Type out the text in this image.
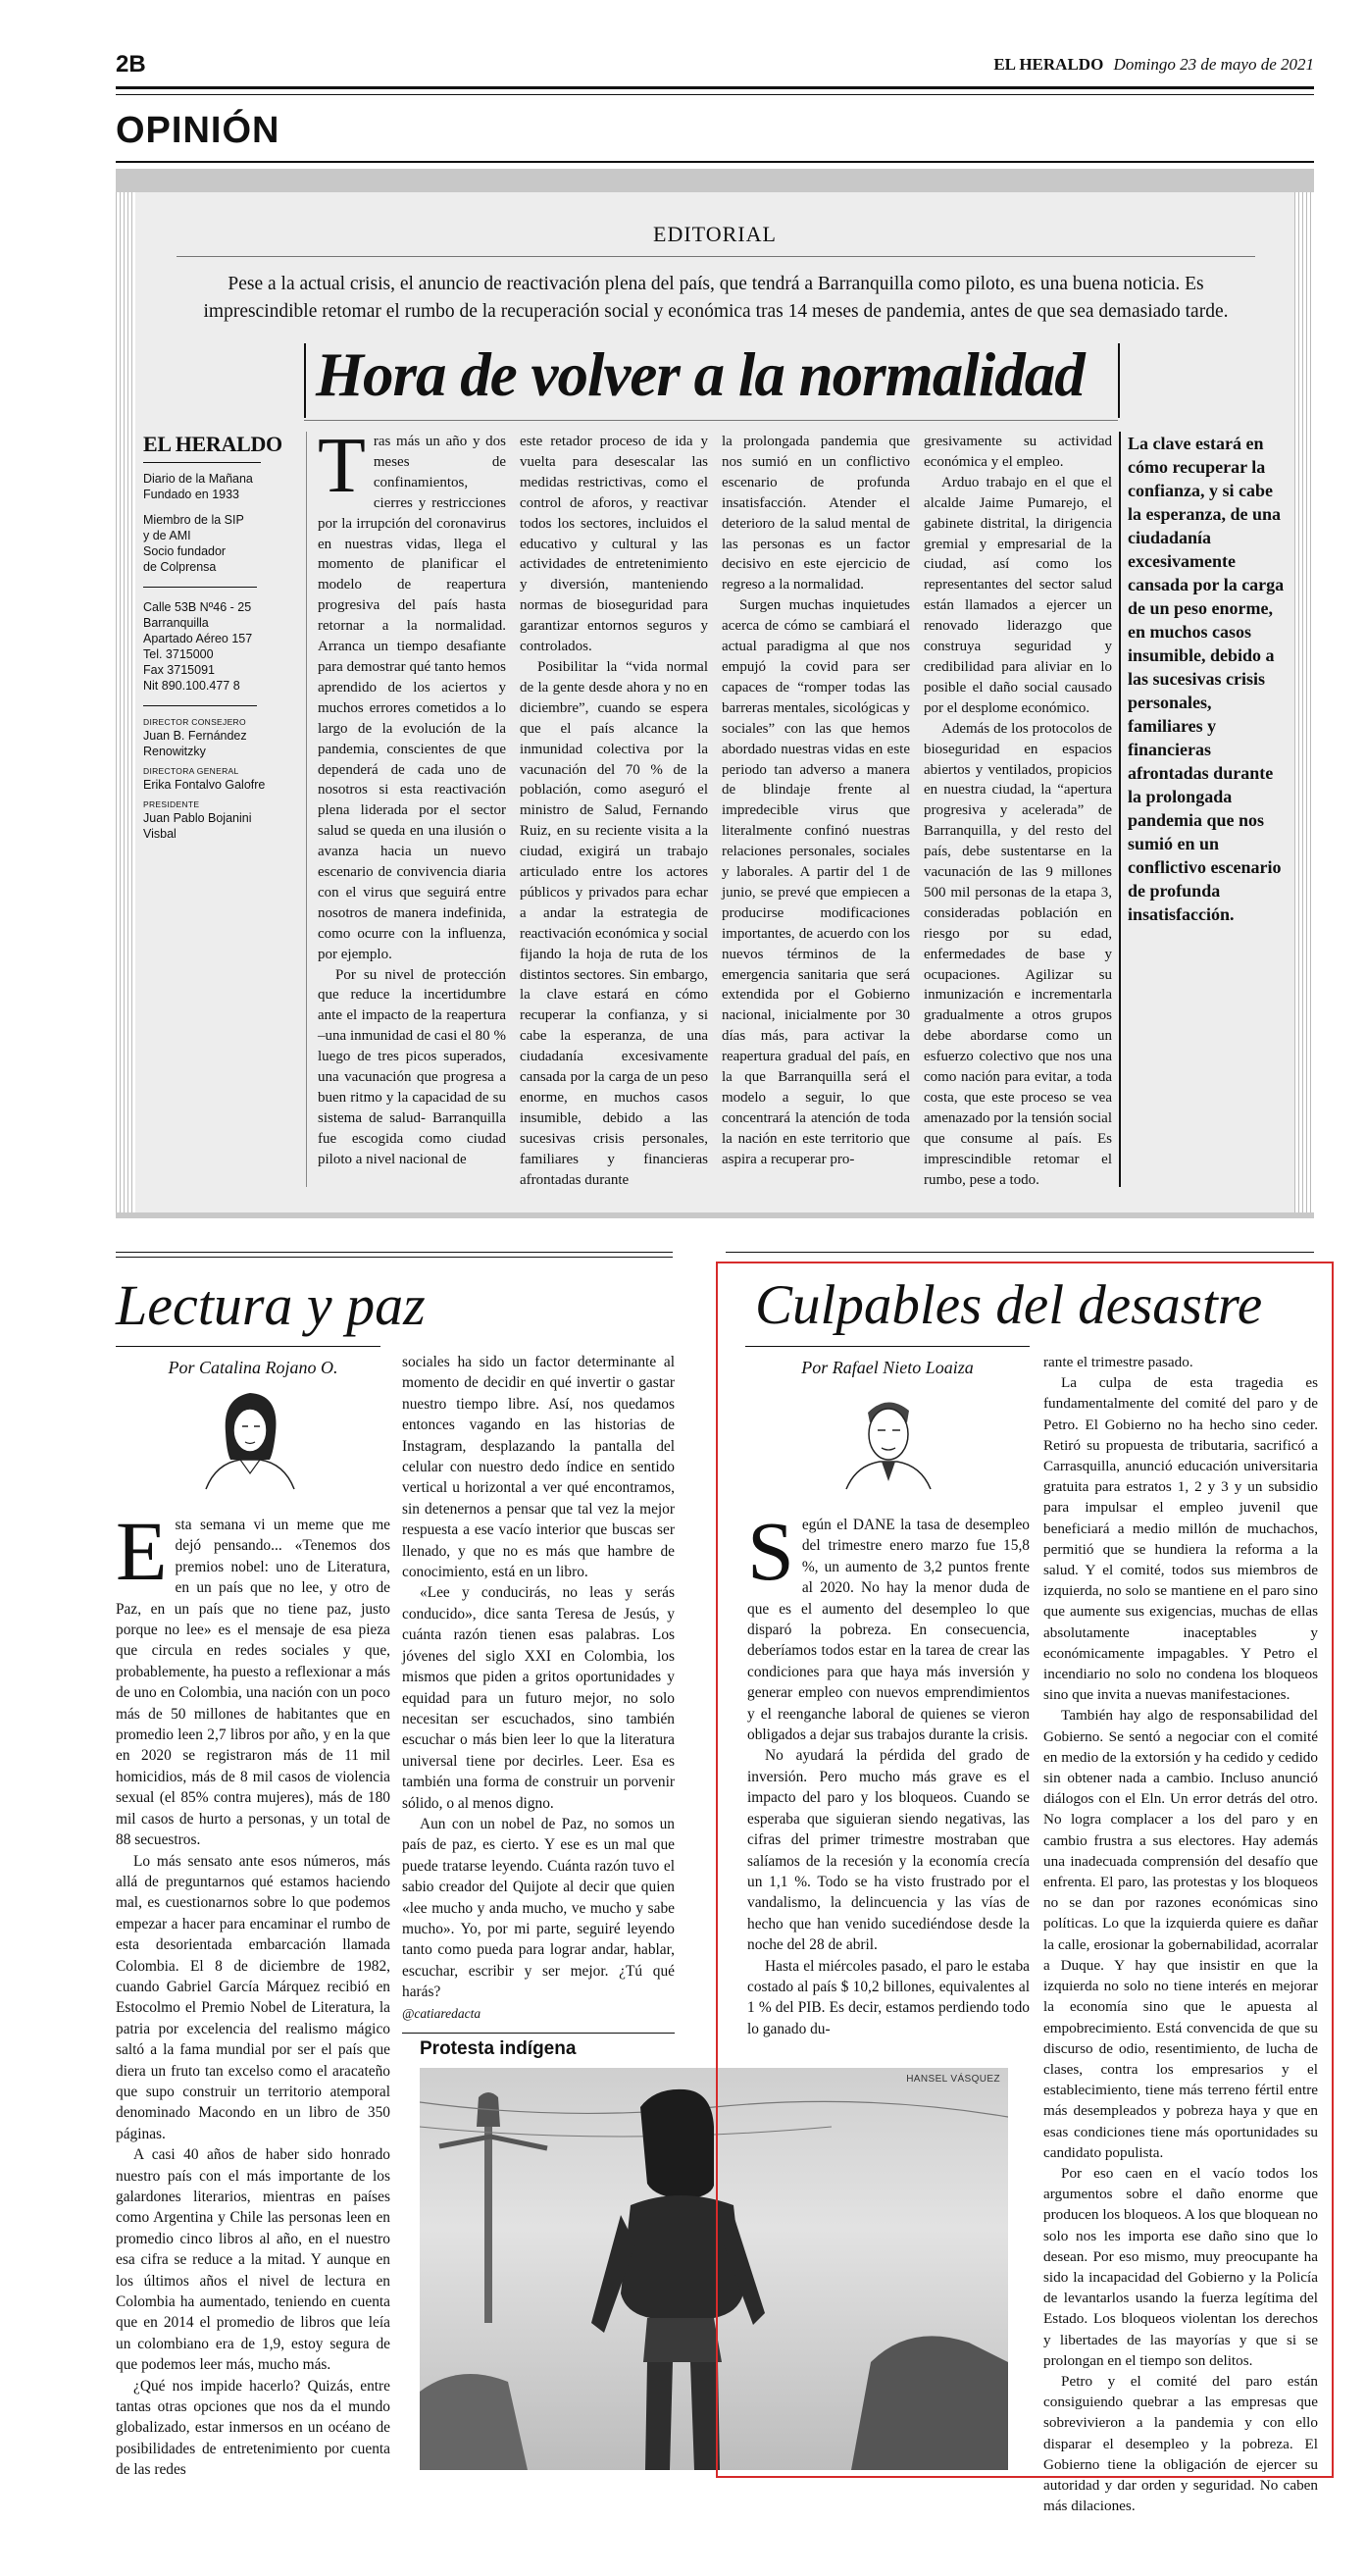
2B	EL HERALDO Domingo 23 de mayo de 2021
OPINIÓN
EDITORIAL
Pese a la actual crisis, el anuncio de reactivación plena del país, que tendrá a Barranquilla como piloto, es una buena noticia. Es imprescindible retomar el rumbo de la recuperación social y económica tras 14 meses de pandemia, antes de que sea demasiado tarde.
Hora de volver a la normalidad
EL HERALDO
Diario de la Mañana
Fundado en 1933
Miembro de la SIP
y de AMI
Socio fundador
de Colprensa
Calle 53B Nº46 - 25
Barranquilla
Apartado Aéreo 157
Tel. 3715000
Fax 3715091
Nit 890.100.477 8
DIRECTOR CONSEJERO
Juan B. Fernández
Renowitzky
DIRECTORA GENERAL
Erika Fontalvo Galofre
PRESIDENTE
Juan Pablo Bojanini
Visbal
T ras más un año y dos meses de confinamientos, cierres y restricciones por la irrupción del coronavirus en nuestras vidas, llega el momento de planificar el modelo de reapertura progresiva del país hasta retornar a la normalidad. Arranca un tiempo desafiante para demostrar qué tanto hemos aprendido de los aciertos y muchos errores cometidos a lo largo de la evolución de la pandemia, conscientes de que dependerá de cada uno de nosotros si esta reactivación plena liderada por el sector salud se queda en una ilusión o avanza hacia un nuevo escenario de convivencia diaria con el virus que seguirá entre nosotros de manera indefinida, como ocurre con la influenza, por ejemplo.

Por su nivel de protección que reduce la incertidumbre ante el impacto de la reapertura –una inmunidad de casi el 80 % luego de tres picos superados, una vacunación que progresa a buen ritmo y la capacidad de su sistema de salud- Barranquilla fue escogida como ciudad piloto a nivel nacional de

este retador proceso de ida y vuelta para desescalar las medidas restrictivas, como el control de aforos, y reactivar todos los sectores, incluidos el educativo y cultural y las actividades de entretenimiento y diversión, manteniendo normas de bioseguridad para garantizar entornos seguros y controlados.

Posibilitar la “vida normal de la gente desde ahora y no en diciembre”, cuando se espera que el país alcance la inmunidad colectiva por la vacunación del 70 % de la población, como aseguró el ministro de Salud, Fernando Ruiz, en su reciente visita a la ciudad, exigirá un trabajo articulado entre los actores públicos y privados para echar a andar la estrategia de reactivación económica y social fijando la hoja de ruta de los distintos sectores. Sin embargo, la clave estará en cómo recuperar la confianza, y si cabe la esperanza, de una ciudadanía excesivamente cansada por la carga de un peso enorme, en muchos casos insumible, debido a las sucesivas crisis personales, familiares y financieras afrontadas durante

la prolongada pandemia que nos sumió en un conflictivo escenario de profunda insatisfacción. Atender el deterioro de la salud mental de las personas es un factor decisivo en este ejercicio de regreso a la normalidad.

Surgen muchas inquietudes acerca de cómo se cambiará el actual paradigma al que nos empujó la covid para ser capaces de “romper todas las barreras mentales, sicológicas y sociales” con las que hemos abordado nuestras vidas en este periodo tan adverso a manera de blindaje frente al impredecible virus que literalmente confinó nuestras relaciones personales, sociales y laborales. A partir del 1 de junio, se prevé que empiecen a producirse modificaciones importantes, de acuerdo con los nuevos términos de la emergencia sanitaria que será extendida por el Gobierno nacional, inicialmente por 30 días más, para activar la reapertura gradual del país, en la que Barranquilla será el modelo a seguir, lo que concentrará la atención de toda la nación en este territorio que aspira a recuperar pro-

gresivamente su actividad económica y el empleo.

Arduo trabajo en el que el alcalde Jaime Pumarejo, el gabinete distrital, la dirigencia gremial y empresarial de la ciudad, así como los representantes del sector salud están llamados a ejercer un renovado liderazgo que construya seguridad y credibilidad para aliviar en lo posible el daño social causado por el desplome económico.

Además de los protocolos de bioseguridad en espacios abiertos y ventilados, propicios en nuestra ciudad, la “apertura progresiva y acelerada” de Barranquilla, y del resto del país, debe sustentarse en la vacunación de las 9 millones 500 mil personas de la etapa 3, consideradas población en riesgo por su edad, enfermedades de base y ocupaciones. Agilizar su inmunización e incrementarla gradualmente a otros grupos debe abordarse como un esfuerzo colectivo que nos una como nación para evitar, a toda costa, que este proceso se vea amenazado por la tensión social que consume al país. Es imprescindible retomar el rumbo, pese a todo.

La clave estará en cómo recuperar la confianza, y si cabe la esperanza, de una ciudadanía excesivamente cansada por la carga de un peso enorme, en muchos casos insumible, debido a las sucesivas crisis personales, familiares y financieras afrontadas durante la prolongada pandemia que nos sumió en un conflictivo escenario de profunda insatisfacción.
Lectura y paz
Por Catalina Rojano O.
E sta semana vi un meme que me dejó pensando... «Tenemos dos premios nobel: uno de Literatura, en un país que no lee, y otro de Paz, en un país que no tiene paz, justo porque no lee» es el mensaje de esa pieza que circula en redes sociales y que, probablemente, ha puesto a reflexionar a más de uno en Colombia, una nación con un poco más de 50 millones de habitantes que en promedio leen 2,7 libros por año, y en la que en 2020 se registraron más de 11 mil homicidios, más de 8 mil casos de violencia sexual (el 85% contra mujeres), más de 180 mil casos de hurto a personas, y un total de 88 secuestros.

Lo más sensato ante esos números, más allá de preguntarnos qué estamos haciendo mal, es cuestionarnos sobre lo que podemos empezar a hacer para encaminar el rumbo de esta desorientada embarcación llamada Colombia. El 8 de diciembre de 1982, cuando Gabriel García Márquez recibió en Estocolmo el Premio Nobel de Literatura, la patria por excelencia del realismo mágico saltó a la fama mundial por ser el país que diera un fruto tan excelso como el aracateño que supo construir un territorio atemporal denominado Macondo en un libro de 350 páginas.

A casi 40 años de haber sido honrado nuestro país con el más importante de los galardones literarios, mientras en países como Argentina y Chile las personas leen en promedio cinco libros al año, en el nuestro esa cifra se reduce a la mitad. Y aunque en los últimos años el nivel de lectura en Colombia ha aumentado, teniendo en cuenta que en 2014 el promedio de libros que leía un colombiano era de 1,9, estoy segura de que podemos leer más, mucho más.

¿Qué nos impide hacerlo? Quizás, entre tantas otras opciones que nos da el mundo globalizado, estar inmersos en un océano de posibilidades de entretenimiento por cuenta de las redes

sociales ha sido un factor determinante al momento de decidir en qué invertir o gastar nuestro tiempo libre. Así, nos quedamos entonces vagando en las historias de Instagram, desplazando la pantalla del celular con nuestro dedo índice en sentido vertical u horizontal a ver qué encontramos, sin detenernos a pensar que tal vez la mejor respuesta a ese vacío interior que buscas ser llenado, y que no es más que hambre de conocimiento, está en un libro.

«Lee y conducirás, no leas y serás conducido», dice santa Teresa de Jesús, y cuánta razón tienen esas palabras. Los jóvenes del siglo XXI en Colombia, los mismos que piden a gritos oportunidades y equidad para un futuro mejor, no solo necesitan ser escuchados, sino también escuchar o más bien leer lo que la literatura universal tiene por decirles. Leer. Esa es también una forma de construir un porvenir sólido, o al menos digno.

Aun con un nobel de Paz, no somos un país de paz, es cierto. Y ese es un mal que puede tratarse leyendo. Cuánta razón tuvo el sabio creador del Quijote al decir que quien «lee mucho y anda mucho, ve mucho y sabe mucho». Yo, por mi parte, seguiré leyendo tanto como pueda para lograr andar, hablar, escuchar, escribir y ser mejor. ¿Tú qué harás?

@catiaredacta

Protesta indígena
HANSEL VÁSQUEZ
Culpables del desastre
Por Rafael Nieto Loaiza
S egún el DANE la tasa de desempleo del trimestre enero marzo fue 15,8 %, un aumento de 3,2 puntos frente al 2020. No hay la menor duda de que es el aumento del desempleo lo que disparó la pobreza. En consecuencia, deberíamos todos estar en la tarea de crear las condiciones para que haya más inversión y generar empleo con nuevos emprendimientos y el reenganche laboral de quienes se vieron obligados a dejar sus trabajos durante la crisis.

No ayudará la pérdida del grado de inversión. Pero mucho más grave es el impacto del paro y los bloqueos. Cuando se esperaba que siguieran siendo negativas, las cifras del primer trimestre mostraban que salíamos de la recesión y la economía crecía un 1,1 %. Todo se ha visto frustrado por el vandalismo, la delincuencia y las vías de hecho que han venido sucediéndose desde la noche del 28 de abril.

Hasta el miércoles pasado, el paro le estaba costado al país $ 10,2 billones, equivalentes al 1 % del PIB. Es decir, estamos perdiendo todo lo ganado du-

rante el trimestre pasado.

La culpa de esta tragedia es fundamentalmente del comité del paro y de Petro. El Gobierno no ha hecho sino ceder. Retiró su propuesta de tributaria, sacrificó a Carrasquilla, anunció educación universitaria gratuita para estratos 1, 2 y 3 y un subsidio para impulsar el empleo juvenil que beneficiará a medio millón de muchachos, permitió que se hundiera la reforma a la salud. Y el comité, todos sus miembros de izquierda, no solo se mantiene en el paro sino que aumente sus exigencias, muchas de ellas absolutamente inaceptables y económicamente impagables. Y Petro el incendiario no solo no condena los bloqueos sino que invita a nuevas manifestaciones.

También hay algo de responsabilidad del Gobierno. Se sentó a negociar con el comité en medio de la extorsión y ha cedido y cedido sin obtener nada a cambio. Incluso anunció diálogos con el Eln. Un error detrás del otro. No logra complacer a los del paro y en cambio frustra a sus electores. Hay además una inadecuada comprensión del desafío que enfrenta. El paro, las protestas y los bloqueos no se dan por razones económicas sino políticas. Lo que la izquierda quiere es dañar la calle, erosionar la gobernabilidad, acorralar a Duque. Y hay que insistir en que la izquierda no solo no tiene interés en mejorar la economía sino que le apuesta al empobrecimiento. Está convencida de que su discurso de odio, resentimiento, de lucha de clases, contra los empresarios y el establecimiento, tiene más terreno fértil entre más desempleados y pobreza haya y que en esas condiciones tiene más oportunidades su candidato populista.

Por eso caen en el vacío todos los argumentos sobre el daño enorme que producen los bloqueos. A los que bloquean no solo nos les importa ese daño sino que lo desean. Por eso mismo, muy preocupante ha sido la incapacidad del Gobierno y la Policía de levantarlos usando la fuerza legítima del Estado. Los bloqueos violentan los derechos y libertades de las mayorías y que si se prolongan en el tiempo son delitos.

Petro y el comité del paro están consiguiendo quebrar a las empresas que sobrevivieron a la pandemia y con ello disparar el desempleo y la pobreza. El Gobierno tiene la obligación de ejercer su autoridad y dar orden y seguridad. No caben más dilaciones.
